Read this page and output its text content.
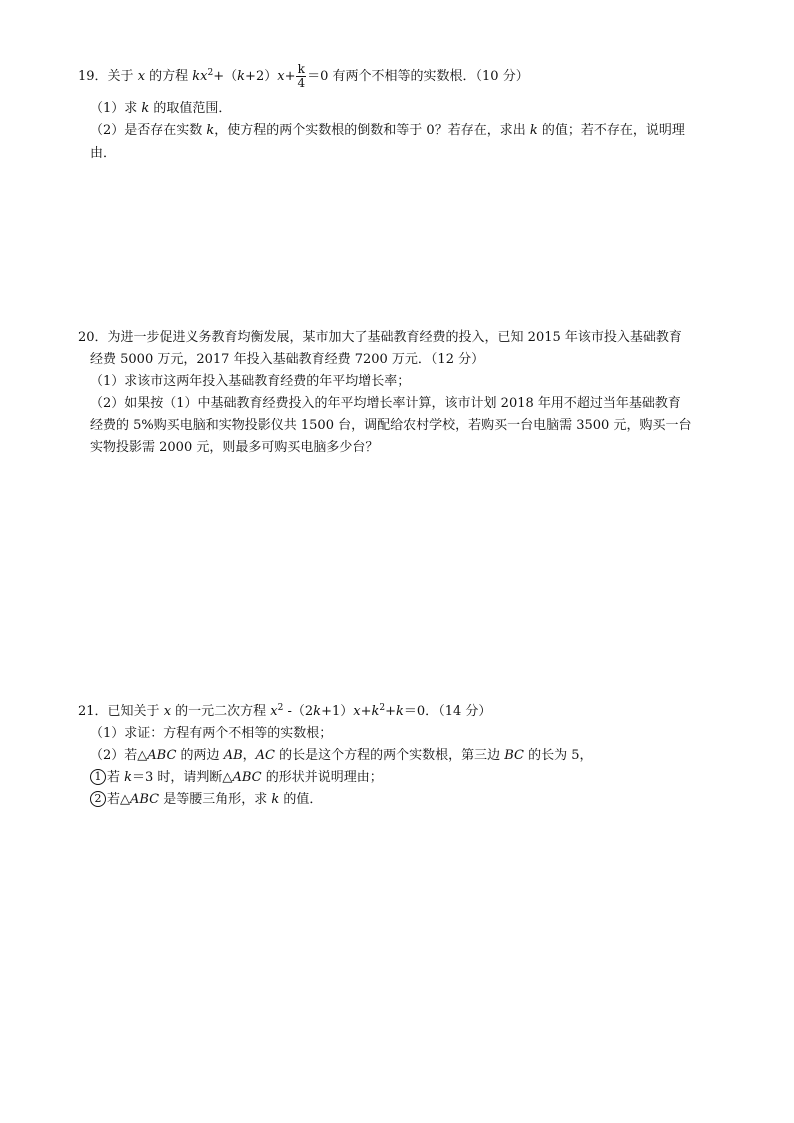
19．关于 x 的方程 $kx^2+(k+2)x+ \frac{k}{4} =0$ 有两个不相等的实数根．（10 分）
（1）求 k 的取值范围．
（2）是否存在实数 k，使方程的两个实数根的倒数和等于 0？若存在，求出 k 的值；若不存在，说明理
由．
20．为进一步促进义务教育均衡发展，某市加大了基础教育经费的投入，已知 2015 年该市投入基础教育
经费 5000 万元，2017 年投入基础教育经费 7200 万元．（12 分）
（1）求该市这两年投入基础教育经费的年平均增长率；
（2）如果按（1）中基础教育经费投入的年平均增长率计算，该市计划 2018 年用不超过当年基础教育
经费的 5%购买电脑和实物投影仪共 1500 台，调配给农村学校，若购买一台电脑需 3500 元，购买一台
实物投影需 2000 元，则最多可购买电脑多少台？
21．已知关于 x 的一元二次方程 $x^2$ $-(2k+1)x+k^2+k=0$．（14 分）
（1）求证：方程有两个不相等的实数根；
（2）若△ABC 的两边 AB，AC 的长是这个方程的两个实数根，第三边 BC 的长为 5，
1 若 k＝3 时，请判断△ABC 的形状并说明理由；
2 若△ABC 是等腰三角形，求 k 的值．
